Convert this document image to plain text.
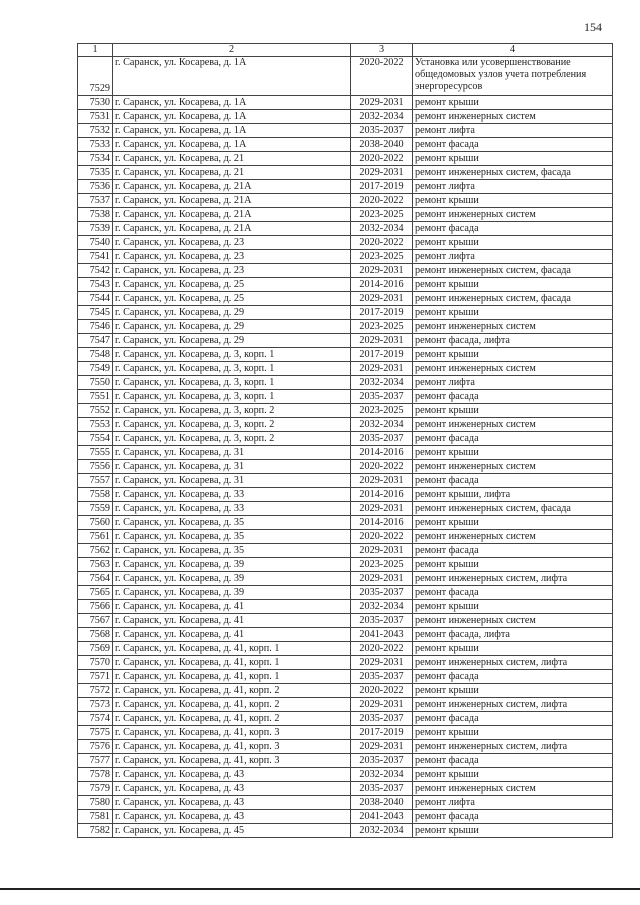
154
1	2	3	4
7529	г. Саранск, ул. Косарева, д. 1А	2020-2022	Установка или усовершенствование общедомовых узлов учета потребления энергоресурсов
7530	г. Саранск, ул. Косарева, д. 1А	2029-2031	ремонт крыши
7531	г. Саранск, ул. Косарева, д. 1А	2032-2034	ремонт инженерных систем
7532	г. Саранск, ул. Косарева, д. 1А	2035-2037	ремонт лифта
7533	г. Саранск, ул. Косарева, д. 1А	2038-2040	ремонт фасада
7534	г. Саранск, ул. Косарева, д. 21	2020-2022	ремонт крыши
7535	г. Саранск, ул. Косарева, д. 21	2029-2031	ремонт инженерных систем, фасада
7536	г. Саранск, ул. Косарева, д. 21А	2017-2019	ремонт лифта
7537	г. Саранск, ул. Косарева, д. 21А	2020-2022	ремонт крыши
7538	г. Саранск, ул. Косарева, д. 21А	2023-2025	ремонт инженерных систем
7539	г. Саранск, ул. Косарева, д. 21А	2032-2034	ремонт фасада
7540	г. Саранск, ул. Косарева, д. 23	2020-2022	ремонт крыши
7541	г. Саранск, ул. Косарева, д. 23	2023-2025	ремонт лифта
7542	г. Саранск, ул. Косарева, д. 23	2029-2031	ремонт инженерных систем, фасада
7543	г. Саранск, ул. Косарева, д. 25	2014-2016	ремонт крыши
7544	г. Саранск, ул. Косарева, д. 25	2029-2031	ремонт инженерных систем, фасада
7545	г. Саранск, ул. Косарева, д. 29	2017-2019	ремонт крыши
7546	г. Саранск, ул. Косарева, д. 29	2023-2025	ремонт инженерных систем
7547	г. Саранск, ул. Косарева, д. 29	2029-2031	ремонт фасада, лифта
7548	г. Саранск, ул. Косарева, д. 3, корп. 1	2017-2019	ремонт крыши
7549	г. Саранск, ул. Косарева, д. 3, корп. 1	2029-2031	ремонт инженерных систем
7550	г. Саранск, ул. Косарева, д. 3, корп. 1	2032-2034	ремонт лифта
7551	г. Саранск, ул. Косарева, д. 3, корп. 1	2035-2037	ремонт фасада
7552	г. Саранск, ул. Косарева, д. 3, корп. 2	2023-2025	ремонт крыши
7553	г. Саранск, ул. Косарева, д. 3, корп. 2	2032-2034	ремонт инженерных систем
7554	г. Саранск, ул. Косарева, д. 3, корп. 2	2035-2037	ремонт фасада
7555	г. Саранск, ул. Косарева, д. 31	2014-2016	ремонт крыши
7556	г. Саранск, ул. Косарева, д. 31	2020-2022	ремонт инженерных систем
7557	г. Саранск, ул. Косарева, д. 31	2029-2031	ремонт фасада
7558	г. Саранск, ул. Косарева, д. 33	2014-2016	ремонт крыши, лифта
7559	г. Саранск, ул. Косарева, д. 33	2029-2031	ремонт инженерных систем, фасада
7560	г. Саранск, ул. Косарева, д. 35	2014-2016	ремонт крыши
7561	г. Саранск, ул. Косарева, д. 35	2020-2022	ремонт инженерных систем
7562	г. Саранск, ул. Косарева, д. 35	2029-2031	ремонт фасада
7563	г. Саранск, ул. Косарева, д. 39	2023-2025	ремонт крыши
7564	г. Саранск, ул. Косарева, д. 39	2029-2031	ремонт инженерных систем, лифта
7565	г. Саранск, ул. Косарева, д. 39	2035-2037	ремонт фасада
7566	г. Саранск, ул. Косарева, д. 41	2032-2034	ремонт крыши
7567	г. Саранск, ул. Косарева, д. 41	2035-2037	ремонт инженерных систем
7568	г. Саранск, ул. Косарева, д. 41	2041-2043	ремонт фасада, лифта
7569	г. Саранск, ул. Косарева, д. 41, корп. 1	2020-2022	ремонт крыши
7570	г. Саранск, ул. Косарева, д. 41, корп. 1	2029-2031	ремонт инженерных систем, лифта
7571	г. Саранск, ул. Косарева, д. 41, корп. 1	2035-2037	ремонт фасада
7572	г. Саранск, ул. Косарева, д. 41, корп. 2	2020-2022	ремонт крыши
7573	г. Саранск, ул. Косарева, д. 41, корп. 2	2029-2031	ремонт инженерных систем, лифта
7574	г. Саранск, ул. Косарева, д. 41, корп. 2	2035-2037	ремонт фасада
7575	г. Саранск, ул. Косарева, д. 41, корп. 3	2017-2019	ремонт крыши
7576	г. Саранск, ул. Косарева, д. 41, корп. 3	2029-2031	ремонт инженерных систем, лифта
7577	г. Саранск, ул. Косарева, д. 41, корп. 3	2035-2037	ремонт фасада
7578	г. Саранск, ул. Косарева, д. 43	2032-2034	ремонт крыши
7579	г. Саранск, ул. Косарева, д. 43	2035-2037	ремонт инженерных систем
7580	г. Саранск, ул. Косарева, д. 43	2038-2040	ремонт лифта
7581	г. Саранск, ул. Косарева, д. 43	2041-2043	ремонт фасада
7582	г. Саранск, ул. Косарева, д. 45	2032-2034	ремонт крыши
